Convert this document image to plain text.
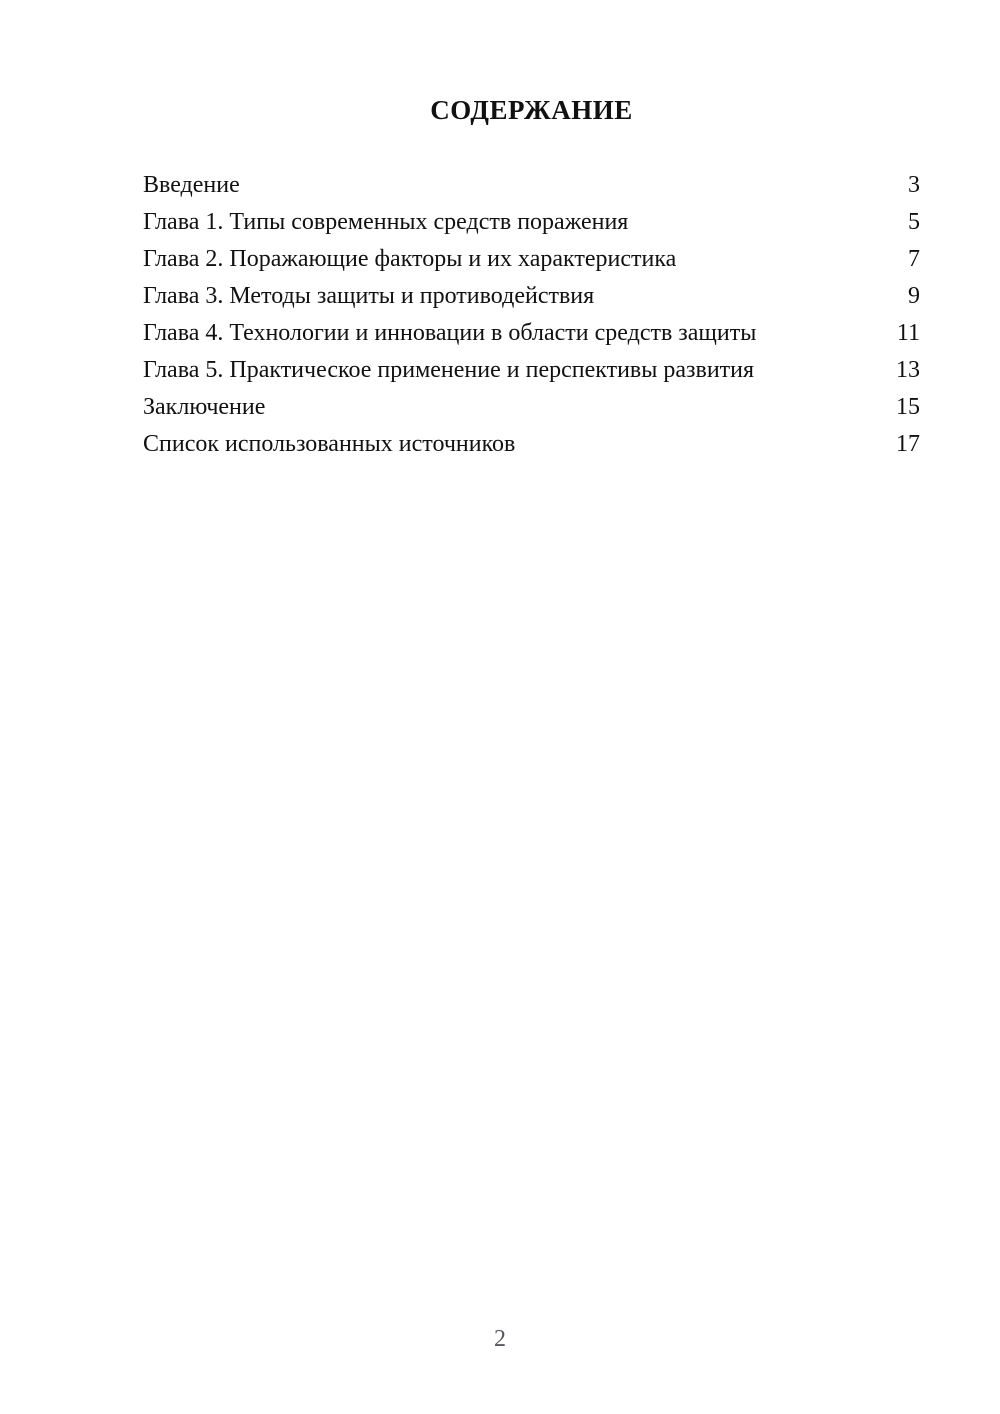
СОДЕРЖАНИЕ
Введение	3
Глава 1. Типы современных средств поражения	5
Глава 2. Поражающие факторы и их характеристика	7
Глава 3. Методы защиты и противодействия	9
Глава 4. Технологии и инновации в области средств защиты	11
Глава 5. Практическое применение и перспективы развития	13
Заключение	15
Список использованных источников	17
2
